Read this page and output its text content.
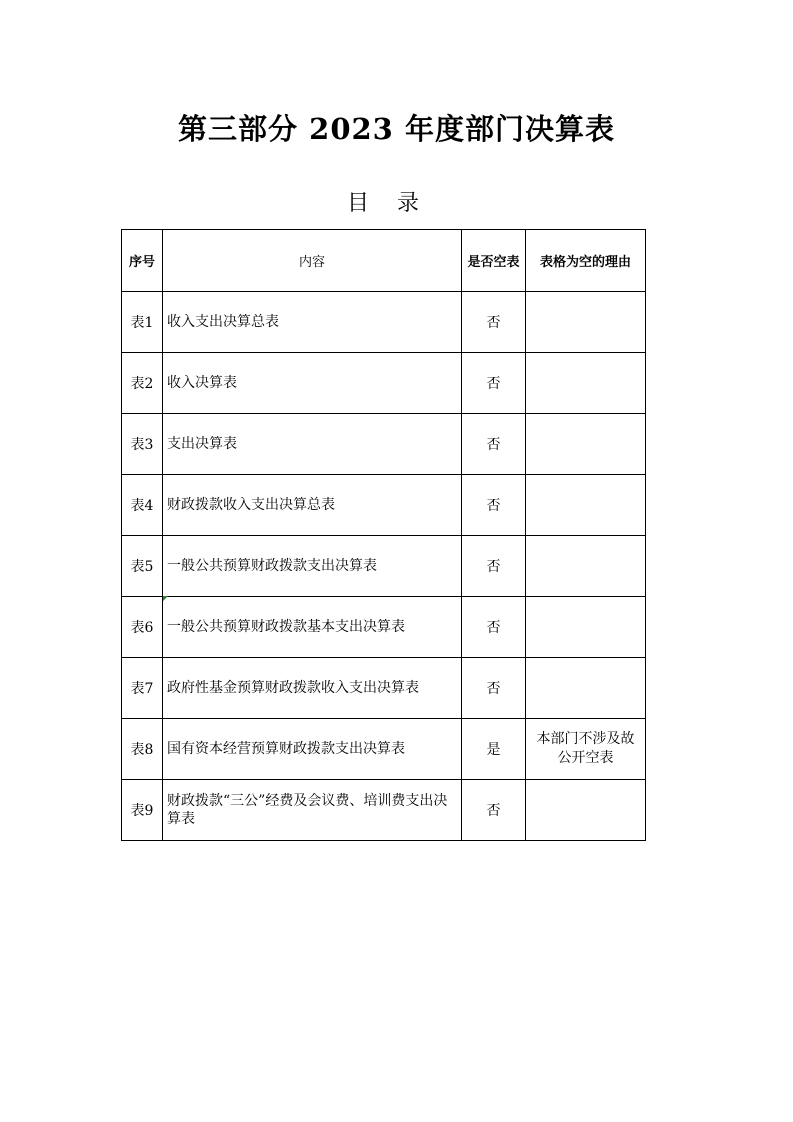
第三部分 2023 年度部门决算表
目 录
序号	内容	是否空表	表格为空的理由
表1	收入支出决算总表	否	
表2	收入决算表	否	
表3	支出决算表	否	
表4	财政拨款收入支出决算总表	否	
表5	一般公共预算财政拨款支出决算表	否	
表6	一般公共预算财政拨款基本支出决算表	否	
表7	政府性基金预算财政拨款收入支出决算表	否	
表8	国有资本经营预算财政拨款支出决算表	是	本部门不涉及故公开空表
表9	财政拨款“三公”经费及会议费、培训费支出决算表	否	
